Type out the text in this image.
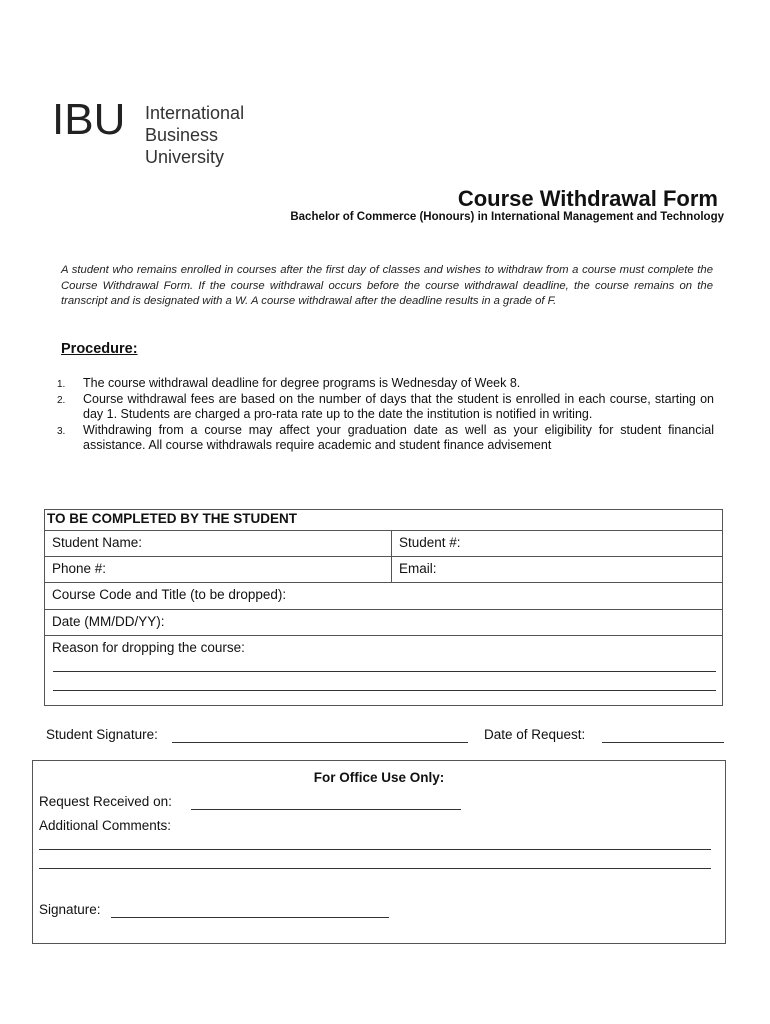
IBU International
Business
University
Course Withdrawal Form
Bachelor of Commerce (Honours) in International Management and Technology
A student who remains enrolled in courses after the first day of classes and wishes to withdraw from a course must complete the Course Withdrawal Form. If the course withdrawal occurs before the course withdrawal deadline, the course remains on the transcript and is designated with a W. A course withdrawal after the deadline results in a grade of F.
Procedure:
1. The course withdrawal deadline for degree programs is Wednesday of Week 8.
2. Course withdrawal fees are based on the number of days that the student is enrolled in each course, starting on day 1. Students are charged a pro-rata rate up to the date the institution is notified in writing.
3. Withdrawing from a course may affect your graduation date as well as your eligibility for student financial assistance. All course withdrawals require academic and student finance advisement
TO BE COMPLETED BY THE STUDENT
Student Name:	Student #:
Phone #:	Email:
Course Code and Title (to be dropped):
Date (MM/DD/YY):
Reason for dropping the course:
Student Signature:	Date of Request:
For Office Use Only:
Request Received on:
Additional Comments:
Signature:
